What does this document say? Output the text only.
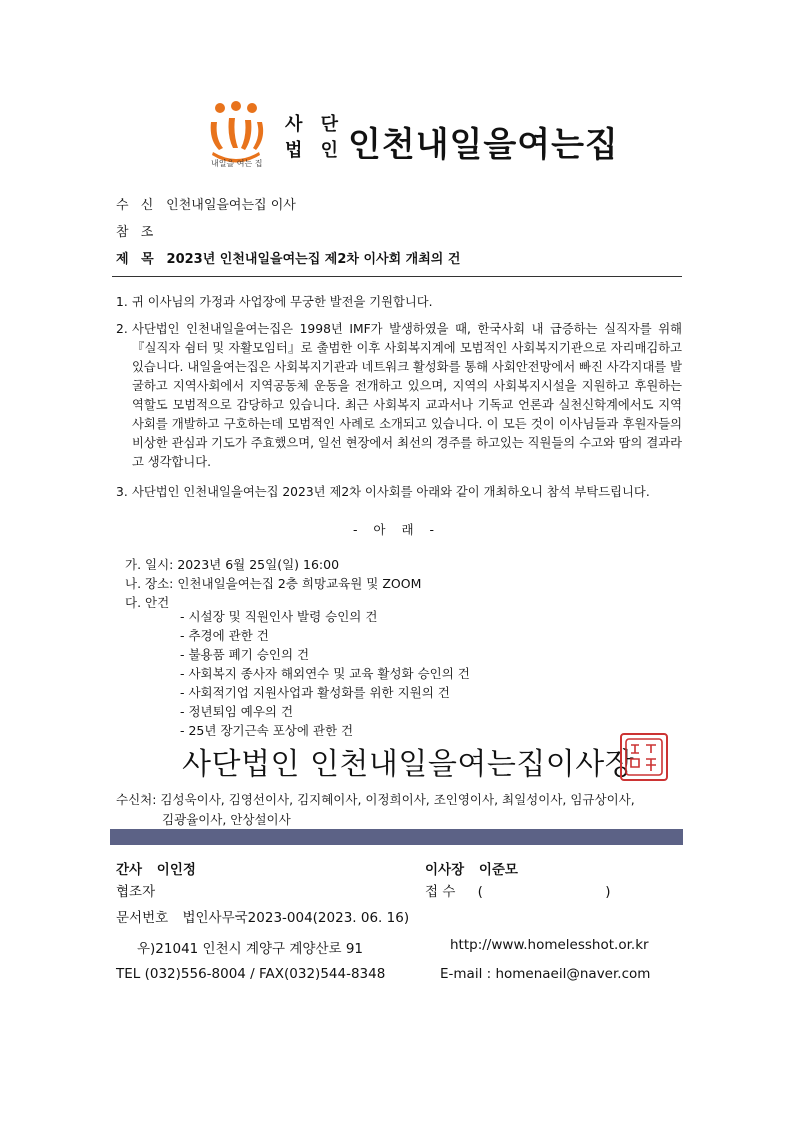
내일을 여는 집
사 단
법 인 인천내일을여는집
수 신 인천내일을여는집 이사
참 조
제 목 2023년 인천내일을여는집 제2차 이사회 개최의 건
1. 귀 이사님의 가정과 사업장에 무궁한 발전을 기원합니다.
2. 사단법인 인천내일을여는집은 1998년 IMF가 발생하였을 때, 한국사회 내 급증하는 실직자를 위해 『실직자 쉼터 및 자활모임터』로 출범한 이후 사회복지계에 모범적인 사회복지기관으로 자리매김하고 있습니다. 내일을여는집은 사회복지기관과 네트워크 활성화를 통해 사회안전망에서 빠진 사각지대를 발굴하고 지역사회에서 지역공동체 운동을 전개하고 있으며, 지역의 사회복지시설을 지원하고 후원하는 역할도 모범적으로 감당하고 있습니다. 최근 사회복지 교과서나 기독교 언론과 실천신학계에서도 지역사회를 개발하고 구호하는데 모범적인 사례로 소개되고 있습니다. 이 모든 것이 이사님들과 후원자들의 비상한 관심과 기도가 주효했으며, 일선 현장에서 최선의 경주를 하고있는 직원들의 수고와 땀의 결과라고 생각합니다.
3. 사단법인 인천내일을여는집 2023년 제2차 이사회를 아래와 같이 개최하오니 참석 부탁드립니다.
- 아 래 -
가. 일시: 2023년 6월 25일(일) 16:00
나. 장소: 인천내일을여는집 2층 희망교육원 및 ZOOM
다. 안건
- 시설장 및 직원인사 발령 승인의 건
- 추경에 관한 건
- 불용품 폐기 승인의 건
- 사회복지 종사자 해외연수 및 교육 활성화 승인의 건
- 사회적기업 지원사업과 활성화를 위한 지원의 건
- 정년퇴임 예우의 건
- 25년 장기근속 포상에 관한 건
사단법인 인천내일을여는집이사장
수신처: 김성욱이사, 김영선이사, 김지혜이사, 이정희이사, 조인영이사, 최일성이사, 임규상이사,
김광율이사, 안상설이사
간사 이인정	이사장 이준모
협조자	접 수 (	)
문서번호 법인사무국2023-004(2023. 06. 16)
우)21041 인천시 계양구 계양산로 91	http://www.homelesshot.or.kr
TEL (032)556-8004 / FAX(032)544-8348	E-mail : homenaeil@naver.com
